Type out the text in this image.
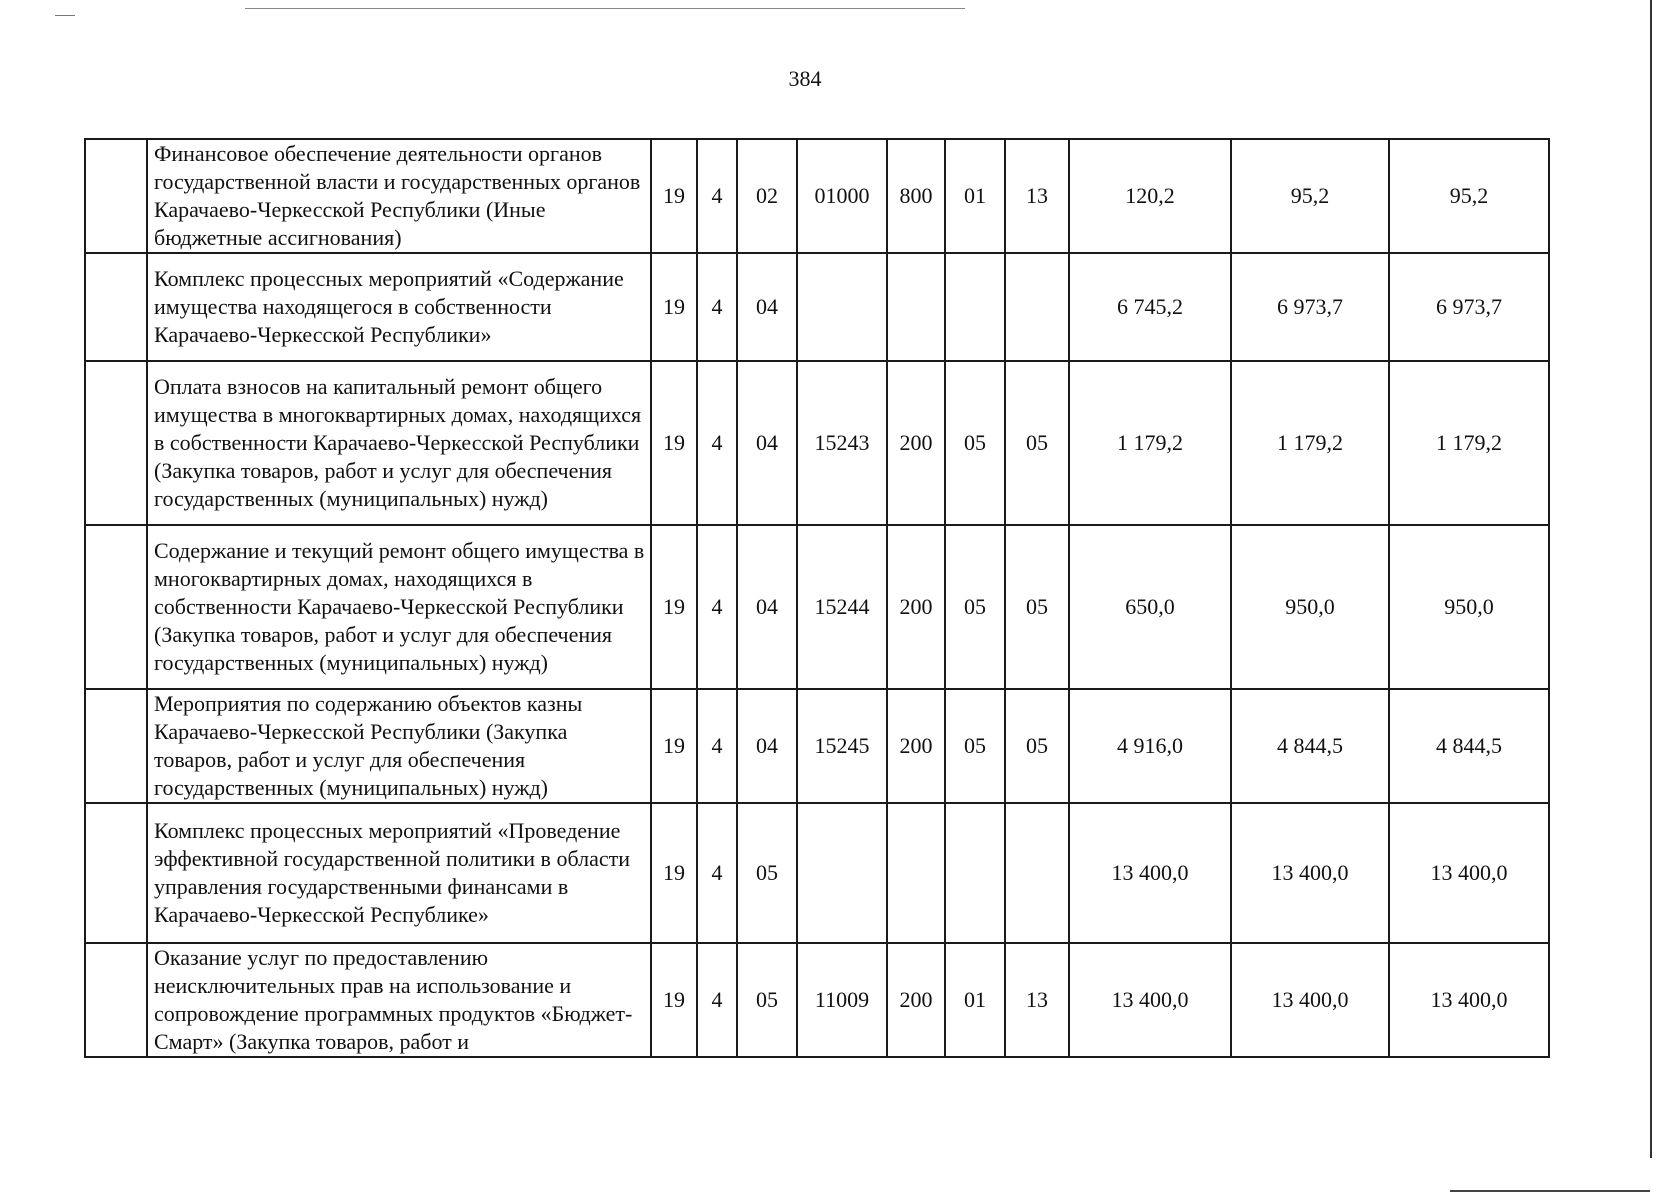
384
	Финансовое обеспечение деятельности органов государственной власти и государственных органов Карачаево-Черкесской Республики (Иные бюджетные ассигнования)	19	4	02	01000	800	01	13	120,2	95,2	95,2
	Комплекс процессных мероприятий «Содержание имущества находящегося в собственности Карачаево-Черкесской Республики»	19	4	04					6 745,2	6 973,7	6 973,7
	Оплата взносов на капитальный ремонт общего имущества в многоквартирных домах, находящихся в собственности Карачаево-Черкесской Республики (Закупка товаров, работ и услуг для обеспечения государственных (муниципальных) нужд)	19	4	04	15243	200	05	05	1 179,2	1 179,2	1 179,2
	Содержание и текущий ремонт общего имущества в многоквартирных домах, находящихся в собственности Карачаево-Черкесской Республики (Закупка товаров, работ и услуг для обеспечения государственных (муниципальных) нужд)	19	4	04	15244	200	05	05	650,0	950,0	950,0
	Мероприятия по содержанию объектов казны Карачаево-Черкесской Республики (Закупка товаров, работ и услуг для обеспечения государственных (муниципальных) нужд)	19	4	04	15245	200	05	05	4 916,0	4 844,5	4 844,5
	Комплекс процессных мероприятий «Проведение эффективной государственной политики в области управления государственными финансами в Карачаево-Черкесской Республике»	19	4	05					13 400,0	13 400,0	13 400,0
	Оказание услуг по предоставлению неисключительных прав на использование и сопровождение программных продуктов «Бюджет-Смарт» (Закупка товаров, работ и	19	4	05	11009	200	01	13	13 400,0	13 400,0	13 400,0
